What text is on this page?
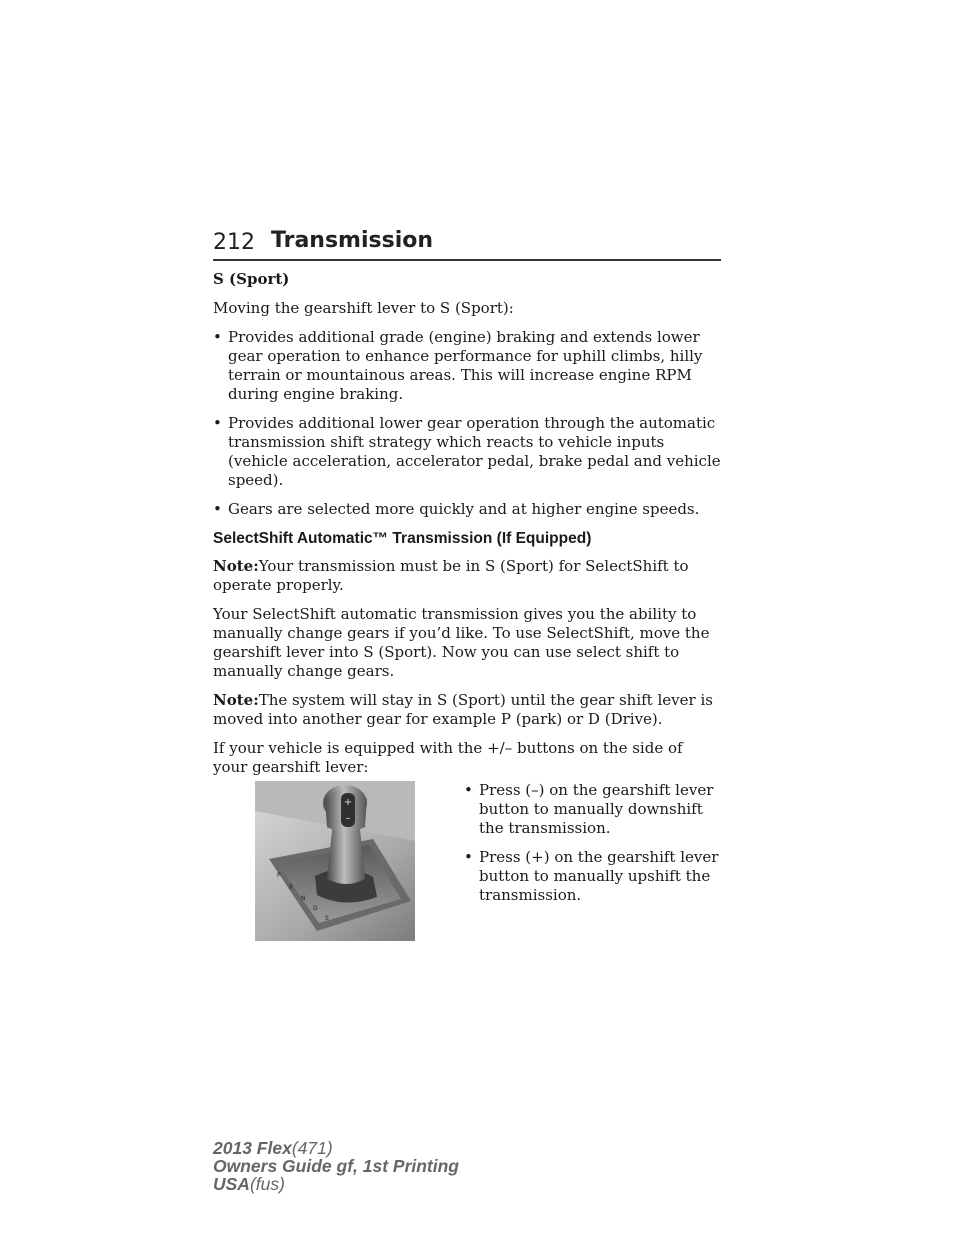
212 Transmission
S (Sport)

Moving the gearshift lever to S (Sport):

• Provides additional grade (engine) braking and extends lower gear operation to enhance performance for uphill climbs, hilly terrain or mountainous areas. This will increase engine RPM during engine braking.
• Provides additional lower gear operation through the automatic transmission shift strategy which reacts to vehicle inputs (vehicle acceleration, accelerator pedal, brake pedal and vehicle speed).
• Gears are selected more quickly and at higher engine speeds.
SelectShift Automatic™ Transmission (If Equipped)

Note:Your transmission must be in S (Sport) for SelectShift to operate properly.

Your SelectShift automatic transmission gives you the ability to manually change gears if you’d like. To use SelectShift, move the gearshift lever into S (Sport). Now you can use select shift to manually change gears.

Note:The system will stay in S (Sport) until the gear shift lever is moved into another gear for example P (park) or D (Drive).

If your vehicle is equipped with the +/– buttons on the side of your gearshift lever:

+
–
P
R
N
D
S
• Press (–) on the gearshift lever button to manually downshift the transmission.
• Press (+) on the gearshift lever button to manually upshift the transmission.
2013 Flex(471)
Owners Guide gf, 1st Printing
USA(fus)
